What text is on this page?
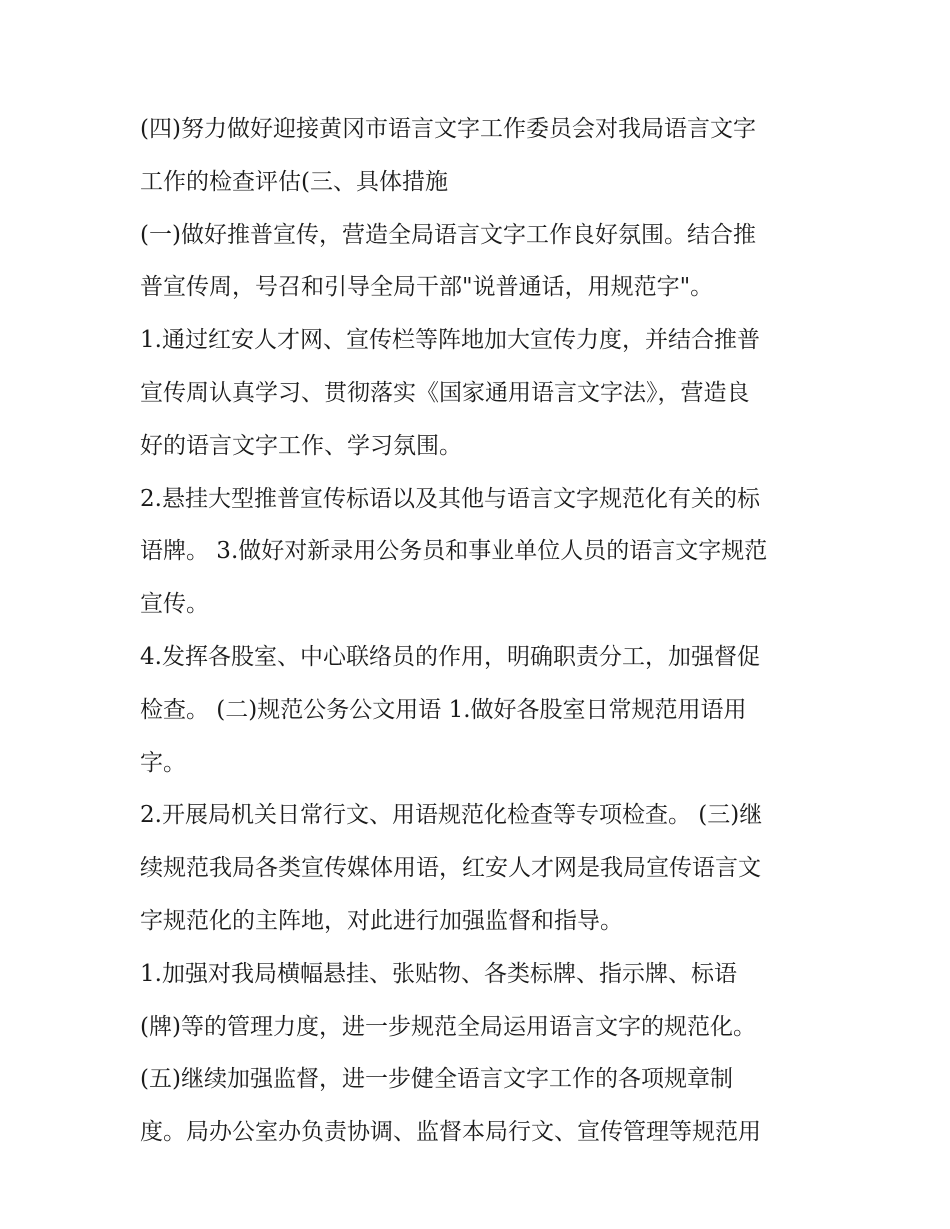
(四)努力做好迎接黄冈市语言文字工作委员会对我局语言文字
工作的检查评估(三、具体措施
(一)做好推普宣传，营造全局语言文字工作良好氛围。结合推
普宣传周，号召和引导全局干部"说普通话，用规范字"。
1.通过红安人才网、宣传栏等阵地加大宣传力度，并结合推普
宣传周认真学习、贯彻落实《国家通用语言文字法》，营造良
好的语言文字工作、学习氛围。
2.悬挂大型推普宣传标语以及其他与语言文字规范化有关的标
语牌。 3.做好对新录用公务员和事业单位人员的语言文字规范
宣传。
4.发挥各股室、中心联络员的作用，明确职责分工，加强督促
检查。 (二)规范公务公文用语 1.做好各股室日常规范用语用
字。
2.开展局机关日常行文、用语规范化检查等专项检查。 (三)继
续规范我局各类宣传媒体用语，红安人才网是我局宣传语言文
字规范化的主阵地，对此进行加强监督和指导。
1.加强对我局横幅悬挂、张贴物、各类标牌、指示牌、标语
(牌)等的管理力度，进一步规范全局运用语言文字的规范化。
(五)继续加强监督，进一步健全语言文字工作的各项规章制
度。局办公室办负责协调、监督本局行文、宣传管理等规范用
